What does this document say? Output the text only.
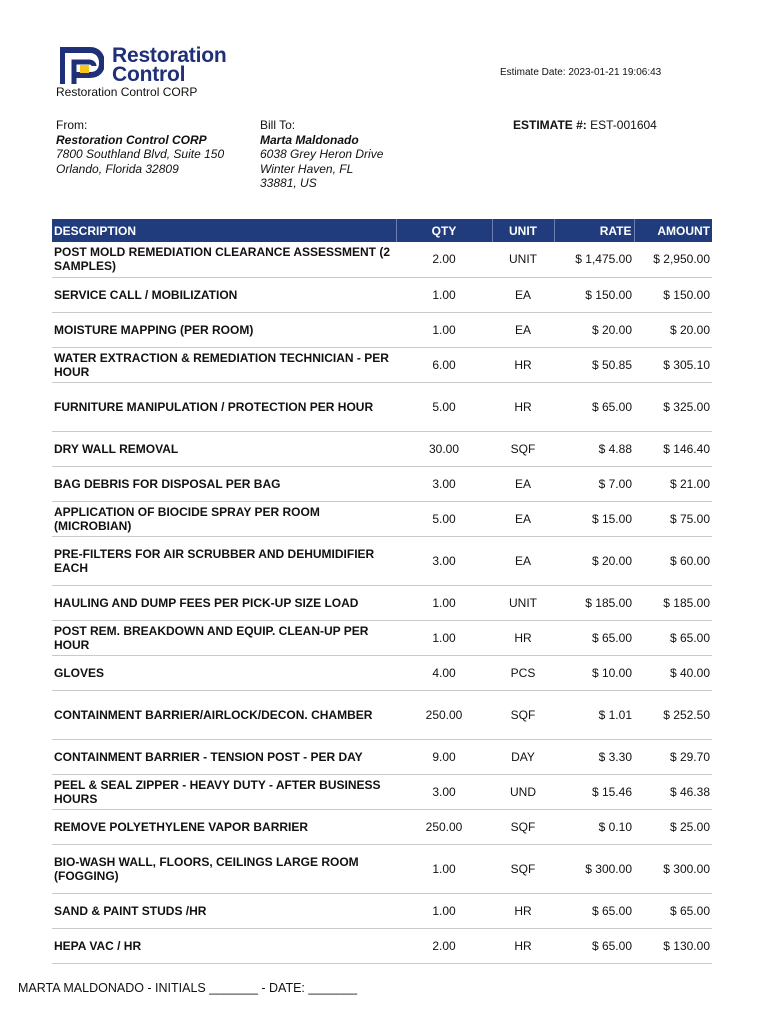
Restoration
Control
Restoration Control CORP
Estimate Date: 2023-01-21 19:06:43
From:
Restoration Control CORP
7800 Southland Blvd, Suite 150
Orlando, Florida 32809
Bill To:
Marta Maldonado
6038 Grey Heron Drive
Winter Haven, FL
33881, US
ESTIMATE #: EST-001604
DESCRIPTION	QTY	UNIT	RATE	AMOUNT
POST MOLD REMEDIATION CLEARANCE ASSESSMENT (2 SAMPLES)	2.00	UNIT	$ 1,475.00	$ 2,950.00
SERVICE CALL / MOBILIZATION	1.00	EA	$ 150.00	$ 150.00
MOISTURE MAPPING (PER ROOM)	1.00	EA	$ 20.00	$ 20.00
WATER EXTRACTION & REMEDIATION TECHNICIAN - PER HOUR	6.00	HR	$ 50.85	$ 305.10
FURNITURE MANIPULATION / PROTECTION PER HOUR	5.00	HR	$ 65.00	$ 325.00
DRY WALL REMOVAL	30.00	SQF	$ 4.88	$ 146.40
BAG DEBRIS FOR DISPOSAL PER BAG	3.00	EA	$ 7.00	$ 21.00
APPLICATION OF BIOCIDE SPRAY PER ROOM (MICROBIAN)	5.00	EA	$ 15.00	$ 75.00
PRE-FILTERS FOR AIR SCRUBBER AND DEHUMIDIFIER EACH	3.00	EA	$ 20.00	$ 60.00
HAULING AND DUMP FEES PER PICK-UP SIZE LOAD	1.00	UNIT	$ 185.00	$ 185.00
POST REM. BREAKDOWN AND EQUIP. CLEAN-UP PER HOUR	1.00	HR	$ 65.00	$ 65.00
GLOVES	4.00	PCS	$ 10.00	$ 40.00
CONTAINMENT BARRIER/AIRLOCK/DECON. CHAMBER	250.00	SQF	$ 1.01	$ 252.50
CONTAINMENT BARRIER - TENSION POST - PER DAY	9.00	DAY	$ 3.30	$ 29.70
PEEL & SEAL ZIPPER - HEAVY DUTY - AFTER BUSINESS HOURS	3.00	UND	$ 15.46	$ 46.38
REMOVE POLYETHYLENE VAPOR BARRIER	250.00	SQF	$ 0.10	$ 25.00
BIO-WASH WALL, FLOORS, CEILINGS LARGE ROOM (FOGGING)	1.00	SQF	$ 300.00	$ 300.00
SAND & PAINT STUDS /HR	1.00	HR	$ 65.00	$ 65.00
HEPA VAC / HR	2.00	HR	$ 65.00	$ 130.00
MARTA MALDONADO - INITIALS _______ - DATE: _______
